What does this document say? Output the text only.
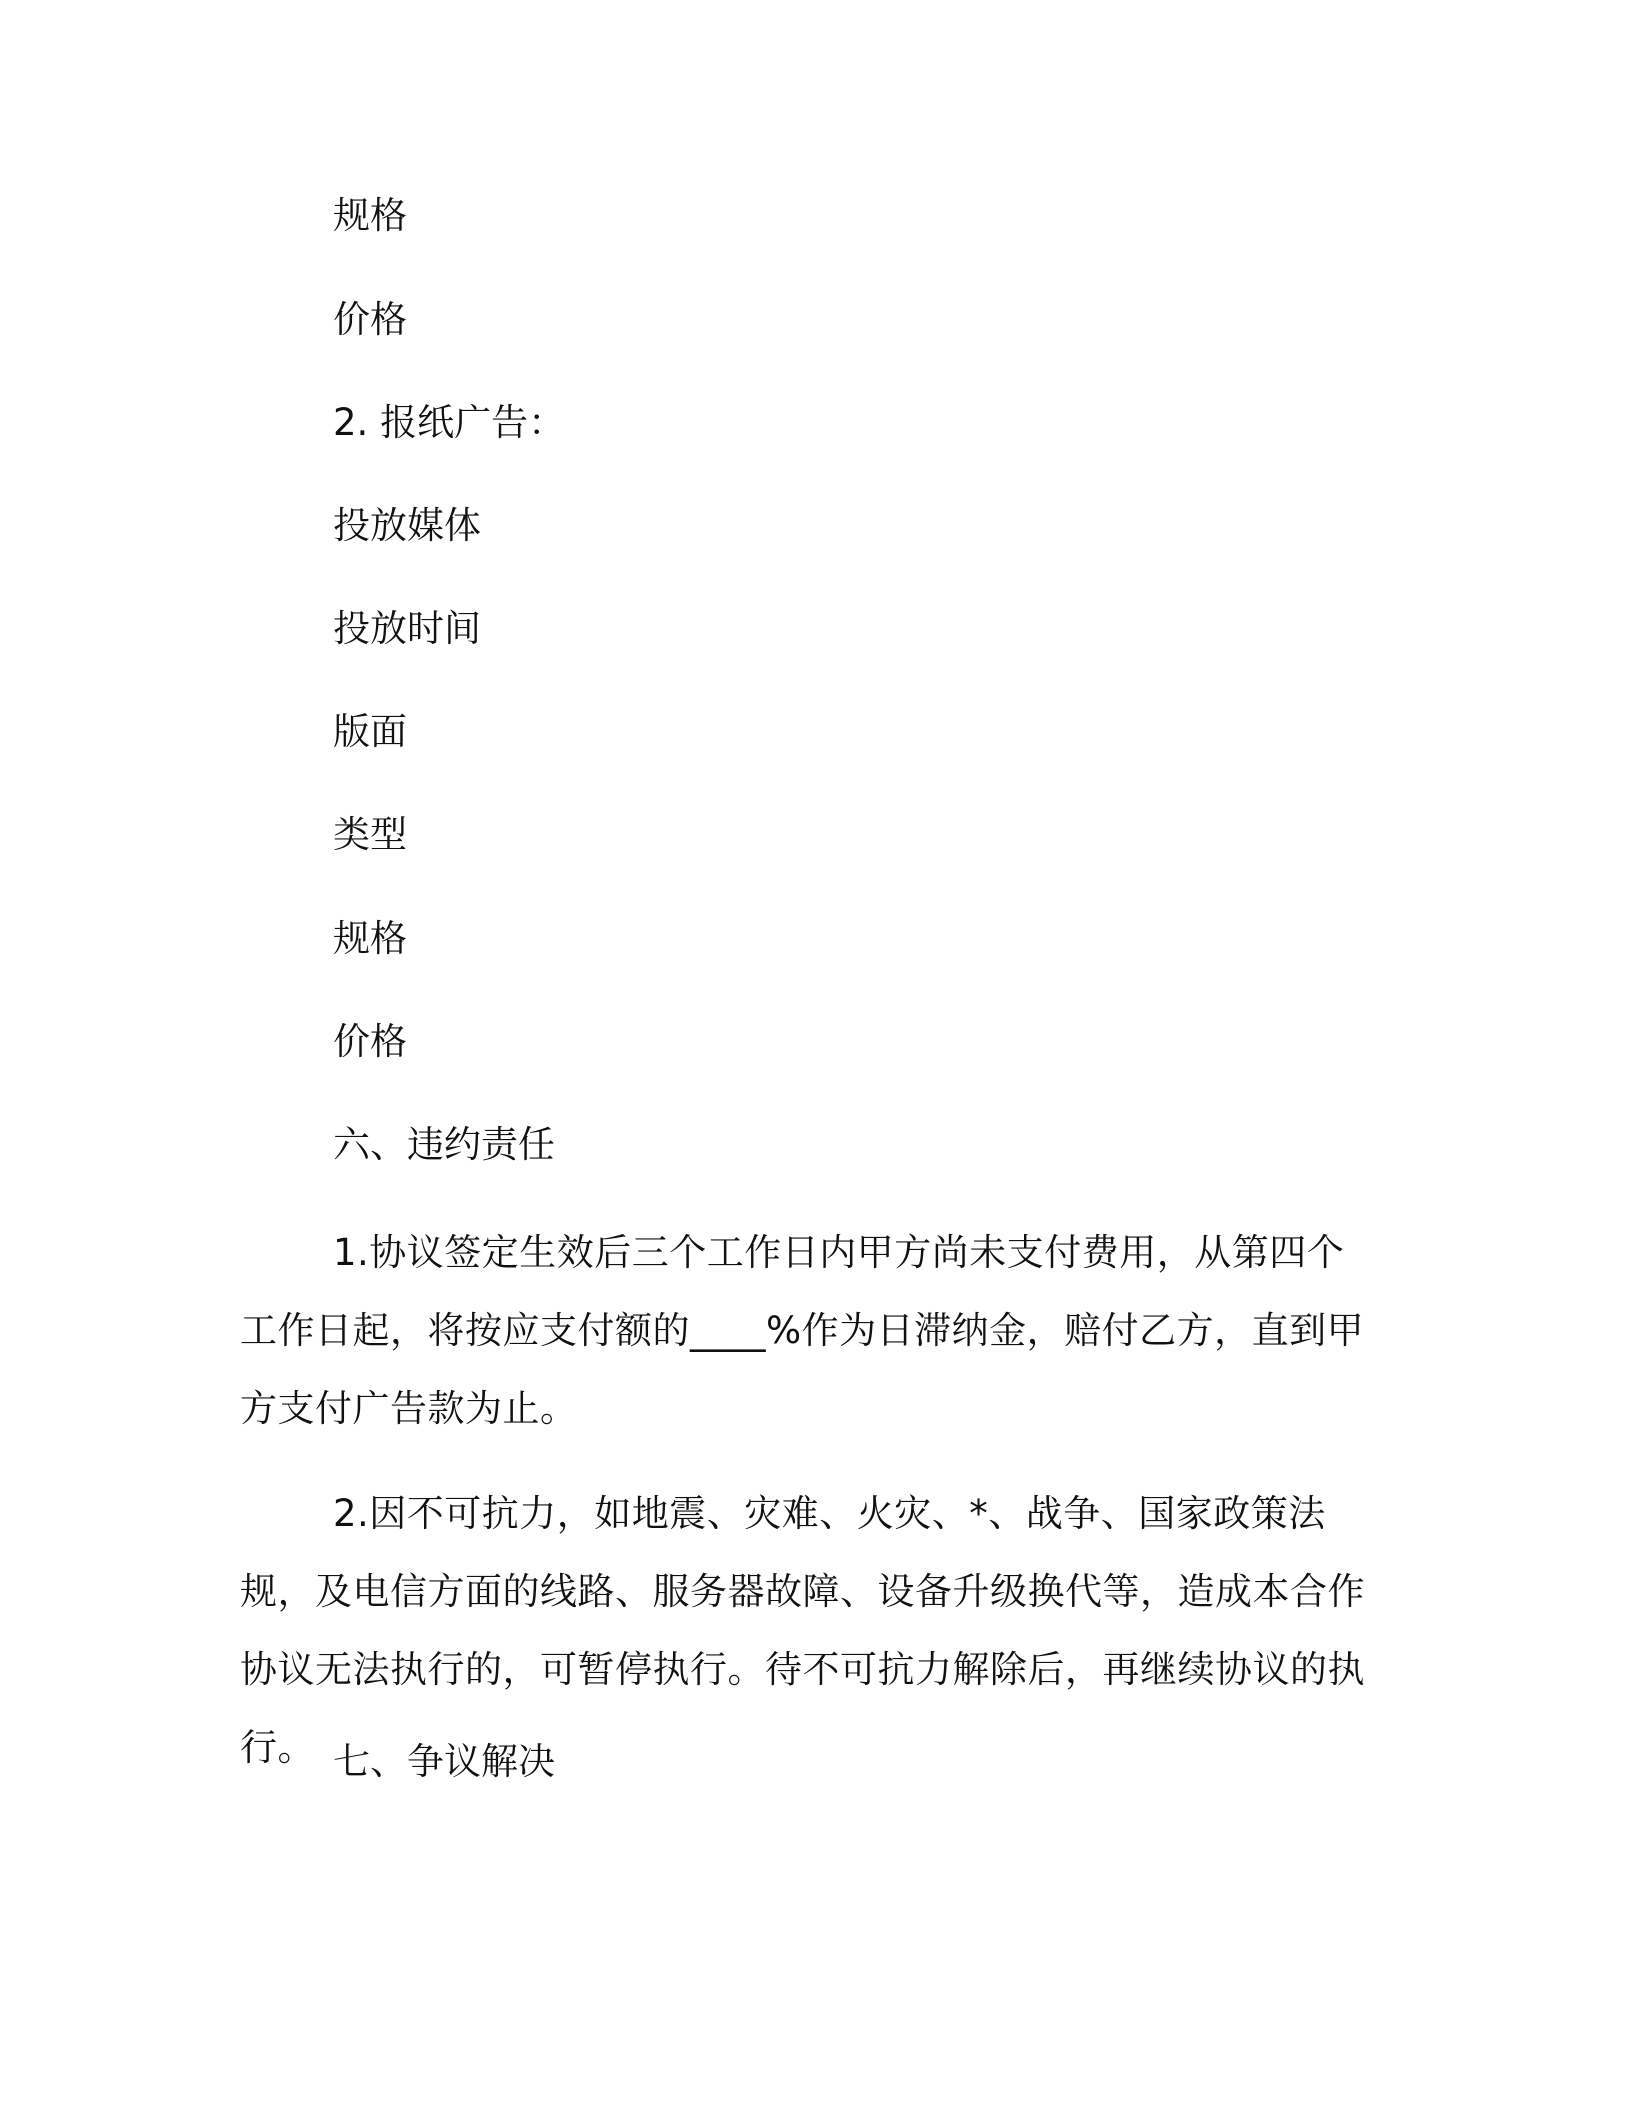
规格
价格
2. 报纸广告：
投放媒体
投放时间
版面
类型
规格
价格
六、违约责任
1.协议签定生效后三个工作日内甲方尚未支付费用，从第四个工作日起，将按应支付额的____%作为日滞纳金，赔付乙方，直到甲方支付广告款为止。
2.因不可抗力，如地震、灾难、火灾、*、战争、国家政策法规，及电信方面的线路、服务器故障、设备升级换代等，造成本合作协议无法执行的，可暂停执行。待不可抗力解除后，再继续协议的执行。 七、争议解决
